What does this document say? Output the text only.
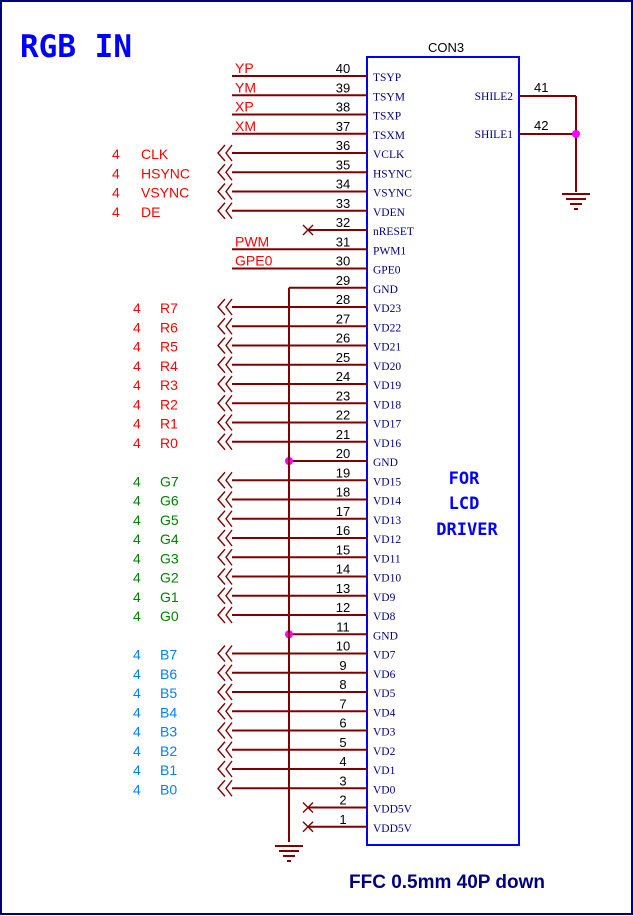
RGB IN	CON3
FOR
LCD
DRIVER
FFC 0.5mm 40P down
40
TSYP
YP
39
TSYM
YM
38
TSXP
XP
37
TSXM
XM
36
VCLK
4 CLK
35
HSYNC
4 HSYNC
34
VSYNC
4 VSYNC
33
VDEN
4 DE
32
nRESET
31
PWM1
PWM
30
GPE0
GPE0
29
GND
28
VD23
4 R7
27
VD22
4 R6
26
VD21
4 R5
25
VD20
4 R4
24
VD19
4 R3
23
VD18
4 R2
22
VD17
4 R1
21
VD16
4 R0
20
GND
19
VD15
4 G7
18
VD14
4 G6
17
VD13
4 G5
16
VD12
4 G4
15
VD11
4 G3
14
VD10
4 G2
13
VD9
4 G1
12
VD8
4 G0
11
GND
10
VD7
4 B7
9
VD6
4 B6
8
VD5
4 B5
7
VD4
4 B4
6
VD3
4 B3
5
VD2
4 B2
4
VD1
4 B1
3
VD0
4 B0
2
VDD5V
1
VDD5V
41
SHILE2
42
SHILE1
